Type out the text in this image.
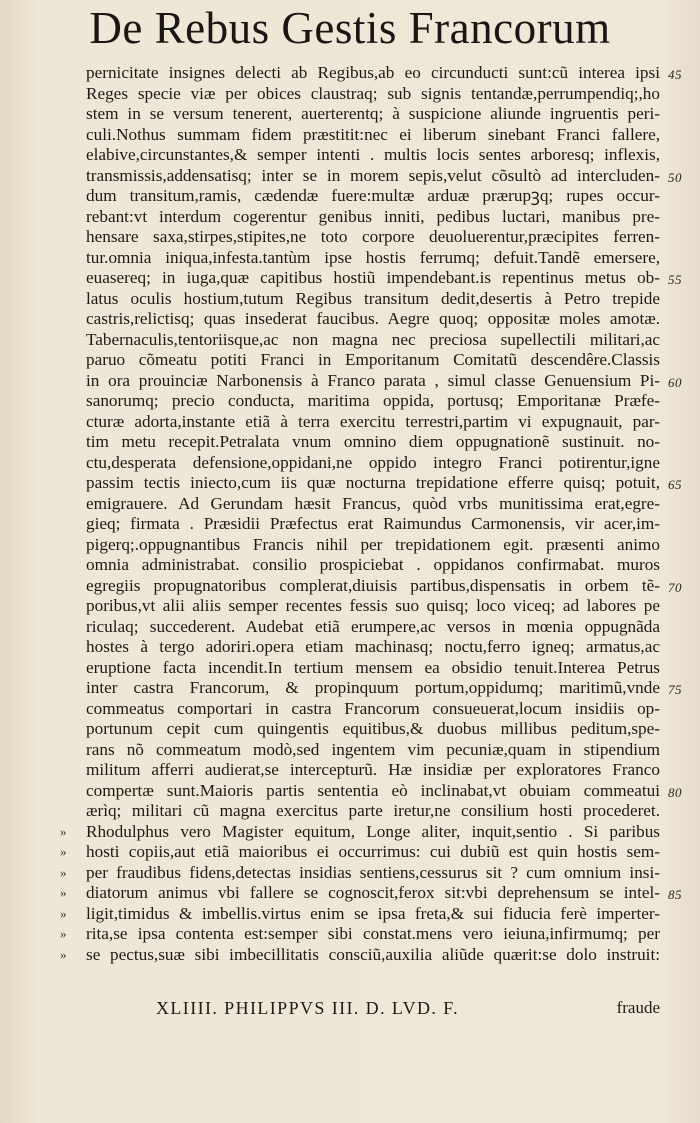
De Rebus Gestis Francorum
pernicitate insignes delecti ab Regibus,ab eo circunducti sunt:cũ interea ipsi
Reges specie viæ per obices claustraq; sub signis tentandæ,perrumpendiq;,ho
stem in se versum tenerent, auerterentq; à suspicione aliunde ingruentis peri-
culi.Nothus summam fidem præstitit:nec ei liberum sinebant Franci fallere,
elabive,circunstantes,& semper intenti . multis locis sentes arboresq; inflexis,
transmissis,addensatisq; inter se in morem sepis,velut cõsultò ad intercluden-
dum transitum,ramis, cædendæ fuere:multæ arduæ prærupꝫq; rupes occur-
rebant:vt interdum cogerentur genibus inniti, pedibus luctari, manibus pre-
hensare saxa,stirpes,stipites,ne toto corpore deuoluerentur,præcipites ferren-
tur.omnia iniqua,infesta.tantùm ipse hostis ferrumq; defuit.Tandẽ emersere,
euasereq; in iuga,quæ capitibus hostiũ impendebant.is repentinus metus ob-
latus oculis hostium,tutum Regibus transitum dedit,desertis à Petro trepide
castris,relictisq; quas insederat faucibus. Aegre quoq; oppositæ moles amotæ.
Tabernaculis,tentoriisque,ac non magna nec preciosa supellectili militari,ac
paruo cõmeatu potiti Franci in Emporitanum Comitatũ descendêre.Classis
in ora prouinciæ Narbonensis à Franco parata , simul classe Genuensium Pi-
sanorumq; precio conducta, maritima oppida, portusq; Emporitanæ Præfe-
cturæ adorta,instante etiã à terra exercitu terrestri,partim vi expugnauit, par-
tim metu recepit.Petralata vnum omnino diem oppugnationẽ sustinuit. no-
ctu,desperata defensione,oppidani,ne oppido integro Franci potirentur,igne
passim tectis iniecto,cum iis quæ nocturna trepidatione efferre quisq; potuit,
emigrauere. Ad Gerundam hæsit Francus, quòd vrbs munitissima erat,egre-
gieq; firmata . Præsidii Præfectus erat Raimundus Carmonensis, vir acer,im-
pigerq;.oppugnantibus Francis nihil per trepidationem egit. præsenti animo
omnia administrabat. consilio prospiciebat . oppidanos confirmabat. muros
egregiis propugnatoribus complerat,diuisis partibus,dispensatis in orbem tẽ-
poribus,vt alii aliis semper recentes fessis suo quisq; loco viceq; ad labores pe
riculaq; succederent. Audebat etiã erumpere,ac versos in mœnia oppugnãda
hostes à tergo adoriri.opera etiam machinasq; noctu,ferro igneq; armatus,ac
eruptione facta incendit.In tertium mensem ea obsidio tenuit.Interea Petrus
inter castra Francorum, & propinquum portum,oppidumq; maritimũ,vnde
commeatus comportari in castra Francorum consueuerat,locum insidiis op-
portunum cepit cum quingentis equitibus,& duobus millibus peditum,spe-
rans nõ commeatum modò,sed ingentem vim pecuniæ,quam in stipendium
militum afferri audierat,se intercepturũ. Hæ insidiæ per exploratores Franco
compertæ sunt.Maioris partis sententia eò inclinabat,vt obuiam commeatui
ærìq; militari cũ magna exercitus parte iretur,ne consilium hosti procederet.
» Rhodulphus vero Magister equitum, Longe aliter, inquit,sentio . Si paribus
» hosti copiis,aut etiã maioribus ei occurrimus: cui dubiũ est quin hostis sem-
» per fraudibus fidens,detectas insidias sentiens,cessurus sit ? cum omnium insi-
» diatorum animus vbi fallere se cognoscit,ferox sit:vbi deprehensum se intel-
» ligit,timidus & imbellis.virtus enim se ipsa freta,& sui fiducia ferè imperter-
» rita,se ipsa contenta est:semper sibi constat.mens vero ieiuna,infirmumq; per
» se pectus,suæ sibi imbecillitatis consciũ,auxilia aliũde quærit:se dolo instruit:
XLIIII. PHILIPPVS III. D. LVD. F.	fraude
45
50
55
60
65
70
75
80
85
